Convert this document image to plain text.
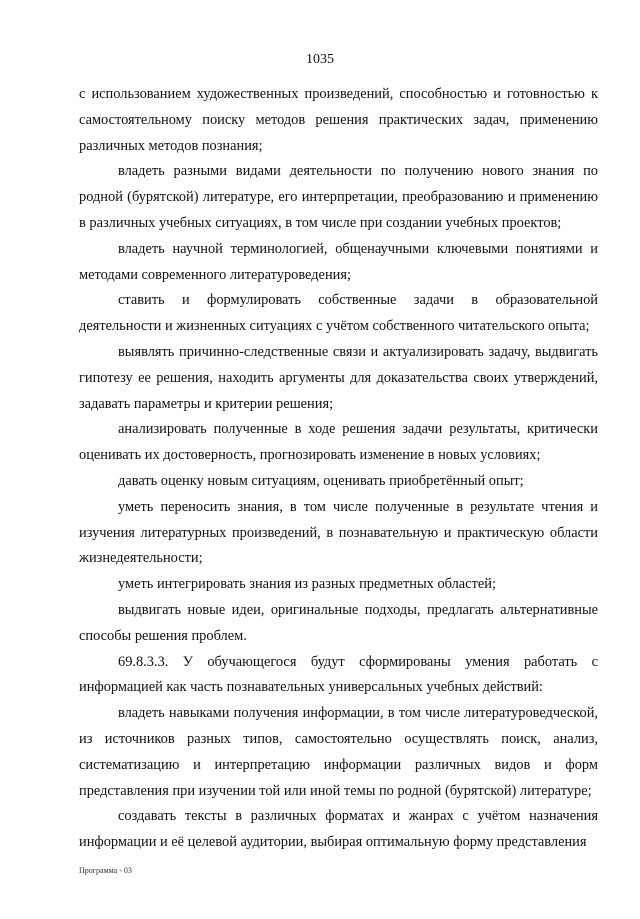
1035

с использованием художественных произведений, способностью и готовностью к самостоятельному поиску методов решения практических задач, применению различных методов познания;

владеть разными видами деятельности по получению нового знания по родной (бурятской) литературе, его интерпретации, преобразованию и применению в различных учебных ситуациях, в том числе при создании учебных проектов;

владеть научной терминологией, общенаучными ключевыми понятиями и методами современного литературоведения;

ставить и формулировать собственные задачи в образовательной деятельности и жизненных ситуациях с учётом собственного читательского опыта;

выявлять причинно-следственные связи и актуализировать задачу, выдвигать гипотезу ее решения, находить аргументы для доказательства своих утверждений, задавать параметры и критерии решения;

анализировать полученные в ходе решения задачи результаты, критически оценивать их достоверность, прогнозировать изменение в новых условиях;

давать оценку новым ситуациям, оценивать приобретённый опыт;

уметь переносить знания, в том числе полученные в результате чтения и изучения литературных произведений, в познавательную и практическую области жизнедеятельности;

уметь интегрировать знания из разных предметных областей;

выдвигать новые идеи, оригинальные подходы, предлагать альтернативные способы решения проблем.

69.8.3.3. У обучающегося будут сформированы умения работать с информацией как часть познавательных универсальных учебных действий:

владеть навыками получения информации, в том числе литературоведческой, из источников разных типов, самостоятельно осуществлять поиск, анализ, систематизацию и интерпретацию информации различных видов и форм представления при изучении той или иной темы по родной (бурятской) литературе;

создавать тексты в различных форматах и жанрах с учётом назначения информации и её целевой аудитории, выбирая оптимальную форму представления

Программа - 03
